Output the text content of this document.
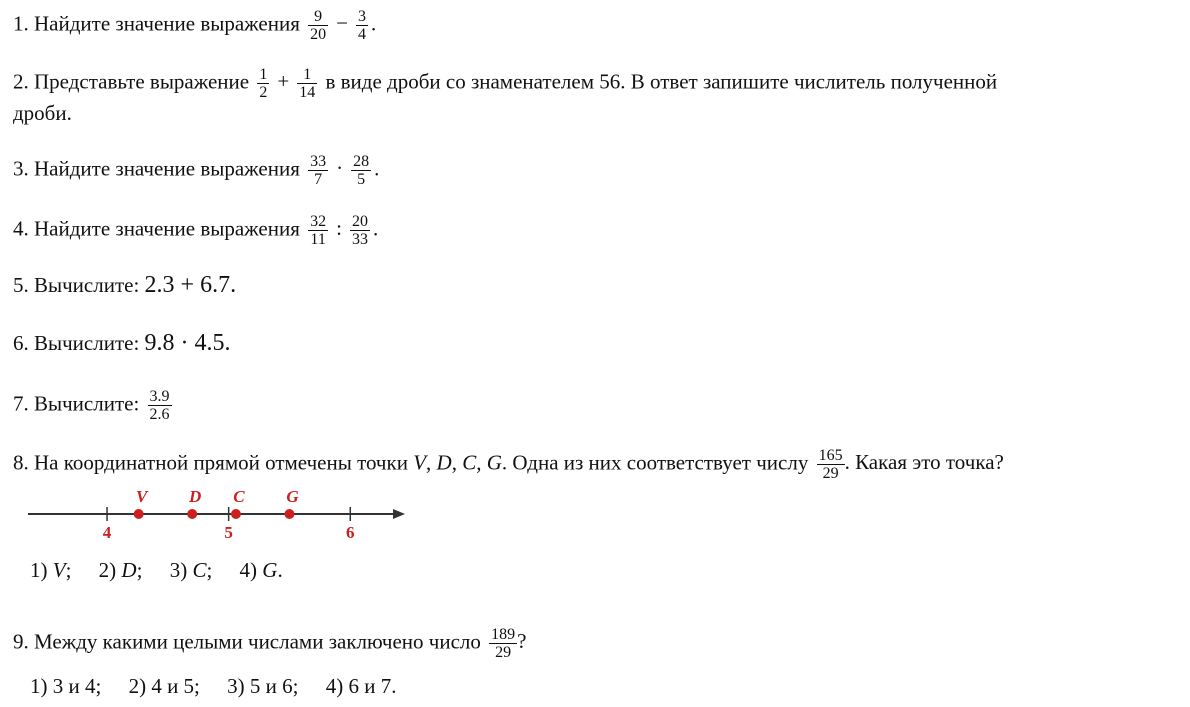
1. Найдите значение выражения $\frac{9}{20} - \frac{3}{4}$ .
2. Представьте выражение $\frac{1}{2} + \frac{1}{14}$ в виде дроби со знаменателем 56. В ответ запишите числитель полученной
дроби.
3. Найдите значение выражения $\frac{33}{7} \cdot \frac{28}{5}$ .
4. Найдите значение выражения $\frac{32}{11}$ : $\frac{20}{33}$ .
5. Вычислите: 2.3 + 6.7.
6. Вычислите: 9.8 · 4.5.
7. Вычислите: $\frac{3.9}{2.6}$
8. На координатной прямой отмечены точки V, D, C, G. Одна из них соответствует числу $\frac{165}{29}$ . Какая это точка?
4	5	6
V D C G
1) V; 2) D; 3) C; 4) G.
9. Между какими целыми числами заключено число $\frac{189}{29}$ ?
1) 3 и 4; 2) 4 и 5; 3) 5 и 6; 4) 6 и 7.
